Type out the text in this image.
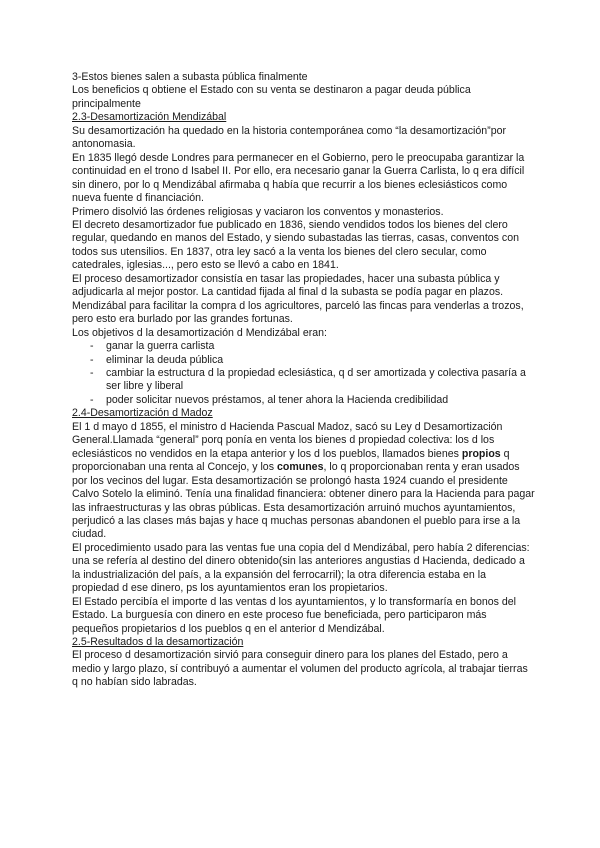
3-Estos bienes salen a subasta pública finalmente

Los beneficios q obtiene el Estado con su venta se destinaron a pagar deuda pública principalmente

2.3-Desamortización Mendizábal

Su desamortización ha quedado en la historia contemporánea como “la desamortización”por antonomasia.

En 1835 llegó desde Londres para permanecer en el Gobierno, pero le preocupaba garantizar la continuidad en el trono d Isabel II. Por ello, era necesario ganar la Guerra Carlista, lo q era difícil sin dinero, por lo q Mendizábal afirmaba q había que recurrir a los bienes eclesiásticos como nueva fuente d financiación.

Primero disolvió las órdenes religiosas y vaciaron los conventos y monasterios.

El decreto desamortizador fue publicado en 1836, siendo vendidos todos los bienes del clero regular, quedando en manos del Estado, y siendo subastadas las tierras, casas, conventos con todos sus utensilios. En 1837, otra ley sacó a la venta los bienes del clero secular, como catedrales, iglesias..., pero esto se llevó a cabo en 1841.

El proceso desamortizador consistía en tasar las propiedades, hacer una subasta pública y adjudicarla al mejor postor. La cantidad fijada al final d la subasta se podía pagar en plazos. Mendizábal para facilitar la compra d los agricultores, parceló las fincas para venderlas a trozos, pero esto era burlado por las grandes fortunas.

Los objetivos d la desamortización d Mendizábal eran:

- ganar la guerra carlista
- eliminar la deuda pública
- cambiar la estructura d la propiedad eclesiástica, q d ser amortizada y colectiva pasaría a ser libre y liberal
- poder solicitar nuevos préstamos, al tener ahora la Hacienda credibilidad

2.4-Desamortización d Madoz

El 1 d mayo d 1855, el ministro d Hacienda Pascual Madoz, sacó su Ley d Desamortización General.Llamada “general” porq ponía en venta los bienes d propiedad colectiva: los d los eclesiásticos no vendidos en la etapa anterior y los d los pueblos, llamados bienes propios q proporcionaban una renta al Concejo, y los comunes, lo q proporcionaban renta y eran usados por los vecinos del lugar. Esta desamortización se prolongó hasta 1924 cuando el presidente Calvo Sotelo la eliminó. Tenía una finalidad financiera: obtener dinero para la Hacienda para pagar las infraestructuras y las obras públicas. Esta desamortización arruinó muchos ayuntamientos, perjudicó a las clases más bajas y hace q muchas personas abandonen el pueblo para irse a la ciudad.

El procedimiento usado para las ventas fue una copia del d Mendizábal, pero había 2 diferencias: una se refería al destino del dinero obtenido(sin las anteriores angustias d Hacienda, dedicado a la industrialización del país, a la expansión del ferrocarril); la otra diferencia estaba en la propiedad d ese dinero, ps los ayuntamientos eran los propietarios.

El Estado percibía el importe d las ventas d los ayuntamientos, y lo transformaría en bonos del Estado. La burguesía con dinero en este proceso fue beneficiada, pero participaron más pequeños propietarios d los pueblos q en el anterior d Mendizábal.

2.5-Resultados d la desamortización

El proceso d desamortización sirvió para conseguir dinero para los planes del Estado, pero a medio y largo plazo, sí contribuyó a aumentar el volumen del producto agrícola, al trabajar tierras q no habían sido labradas.
